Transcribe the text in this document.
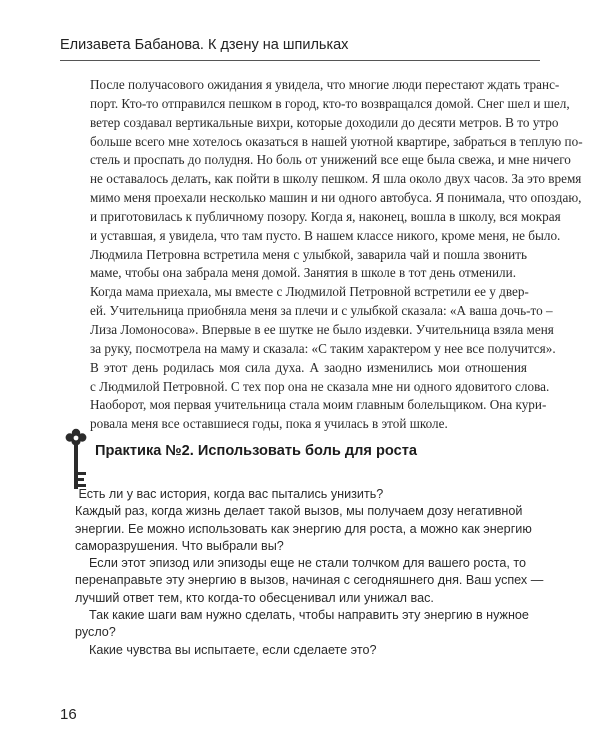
Елизавета Бабанова. К дзену на шпильках

После получасового ожидания я увидела, что многие люди перестают ждать транс-
порт. Кто-то отправился пешком в город, кто-то возвращался домой. Снег шел и шел,
ветер создавал вертикальные вихри, которые доходили до десяти метров. В то утро
больше всего мне хотелось оказаться в нашей уютной квартире, забраться в теплую по-
стель и проспать до полудня. Но боль от унижений все еще была свежа, и мне ничего
не оставалось делать, как пойти в школу пешком. Я шла около двух часов. За это время
мимо меня проехали несколько машин и ни одного автобуса. Я понимала, что опоздаю,
и приготовилась к публичному позору. Когда я, наконец, вошла в школу, вся мокрая
и уставшая, я увидела, что там пусто. В нашем классе никого, кроме меня, не было.

Людмила Петровна встретила меня с улыбкой, заварила чай и пошла звонить
маме, чтобы она забрала меня домой. Занятия в школе в тот день отменили.

Когда мама приехала, мы вместе с Людмилой Петровной встретили ее у двер-
ей. Учительница приобняла меня за плечи и с улыбкой сказала: «А ваша дочь-то –
Лиза Ломоносова». Впервые в ее шутке не было издевки. Учительница взяла меня
за руку, посмотрела на маму и сказала: «С таким характером у нее все получится».

В этот день родилась моя сила духа. А заодно изменились мои отношения
с Людмилой Петровной. С тех пор она не сказала мне ни одного ядовитого слова.
Наоборот, моя первая учительница стала моим главным болельщиком. Она кури-
ровала меня все оставшиеся годы, пока я училась в этой школе.

Практика №2. Использовать боль для роста
Есть ли у вас история, когда вас пытались унизить?
Каждый раз, когда жизнь делает такой вызов, мы получаем дозу негативной
энергии. Ее можно использовать как энергию для роста, а можно как энергию
саморазрушения. Что выбрали вы?
Если этот эпизод или эпизоды еще не стали толчком для вашего роста, то
перенаправьте эту энергию в вызов, начиная с сегодняшнего дня. Ваш успех —
лучший ответ тем, кто когда-то обесценивал или унижал вас.
Так какие шаги вам нужно сделать, чтобы направить эту энергию в нужное
русло?
Какие чувства вы испытаете, если сделаете это?
16
